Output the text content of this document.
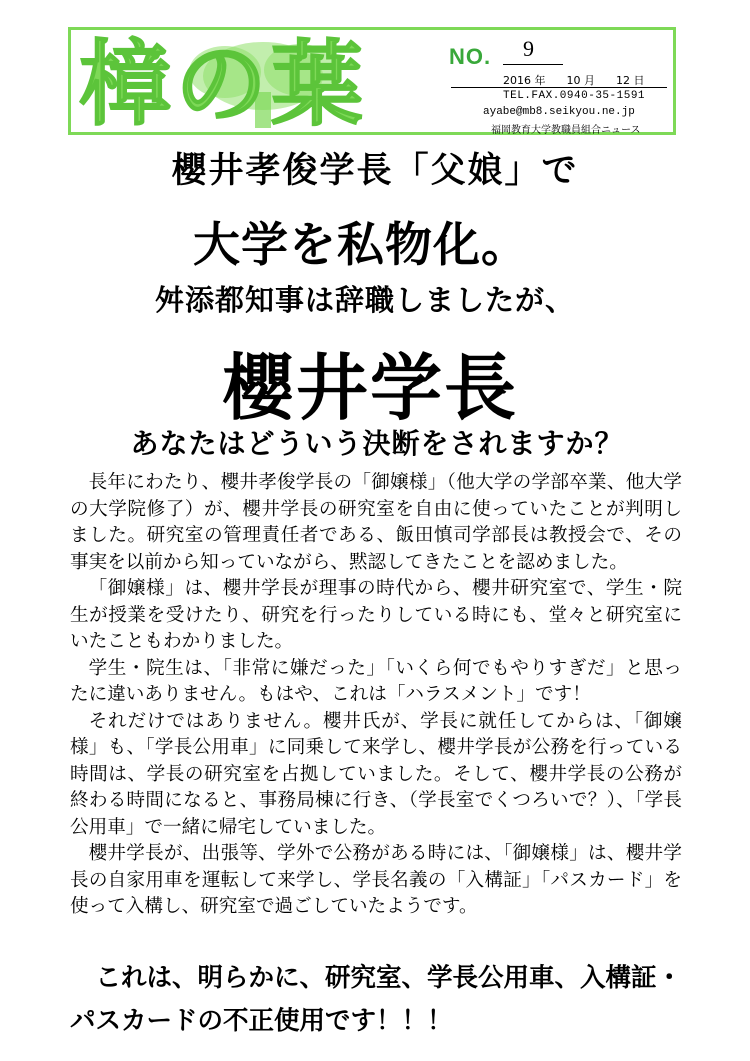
樟の葉	NO. 9
2016 年 10 月 12 日
TEL.FAX.0940-35-1591
ayabe@mb8.seikyou.ne.jp
福岡教育大学教職員組合ニュース
櫻井孝俊学長「父娘」で
大学を私物化。
舛添都知事は辞職しましたが、
櫻井学長
あなたはどういう決断をされますか？

長年にわたり、櫻井孝俊学長の「御嬢様」（他大学の学部卒業、他大学の大学院修了）が、櫻井学長の研究室を自由に使っていたことが判明しました。研究室の管理責任者である、飯田慎司学部長は教授会で、その事実を以前から知っていながら、黙認してきたことを認めました。

「御嬢様」は、櫻井学長が理事の時代から、櫻井研究室で、学生・院生が授業を受けたり、研究を行ったりしている時にも、堂々と研究室にいたこともわかりました。

学生・院生は、「非常に嫌だった」「いくら何でもやりすぎだ」と思ったに違いありません。もはや、これは「ハラスメント」です！

それだけではありません。櫻井氏が、学長に就任してからは、「御嬢様」も、「学長公用車」に同乗して来学し、櫻井学長が公務を行っている時間は、学長の研究室を占拠していました。そして、櫻井学長の公務が終わる時間になると、事務局棟に行き、（学長室でくつろいで？）、「学長公用車」で一緒に帰宅していました。

櫻井学長が、出張等、学外で公務がある時には、「御嬢様」は、櫻井学長の自家用車を運転して来学し、学長名義の「入構証」「パスカード」を使って入構し、研究室で過ごしていたようです。

これは、明らかに、研究室、学長公用車、入構証・パスカードの不正使用です！！！
